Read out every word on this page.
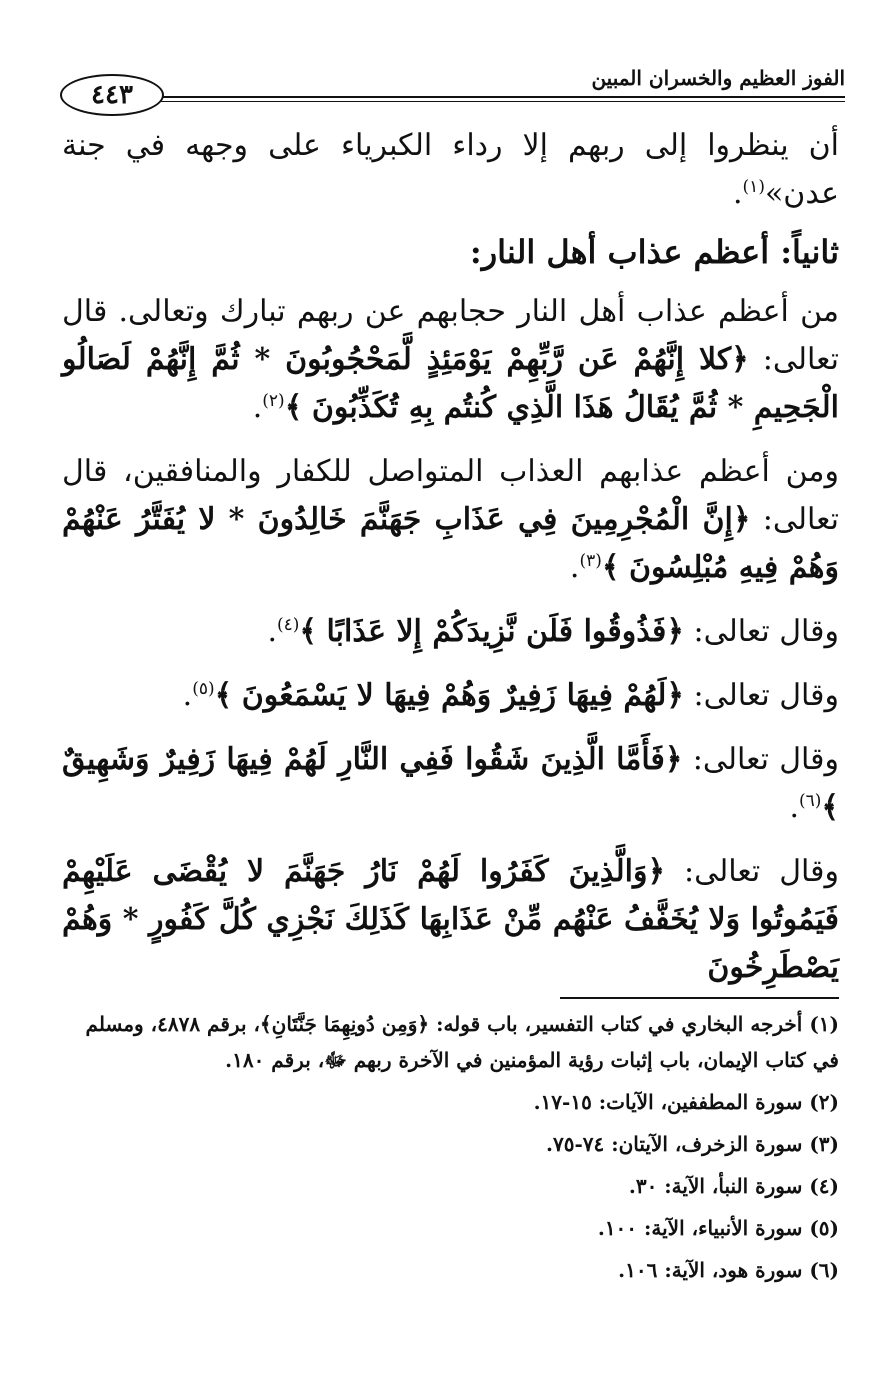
الفوز العظيم والخسران المبين
٤٤٣

أن ينظروا إلى ربهم إلا رداء الكبرياء على وجهه في جنة عدن»$^{(١)}$.

ثانياً: أعظم عذاب أهل النار:

من أعظم عذاب أهل النار حجابهم عن ربهم تبارك وتعالى. قال تعالى: ﴿كلا إِنَّهُمْ عَن رَّبِّهِمْ يَوْمَئِذٍ لَّمَحْجُوبُونَ * ثُمَّ إِنَّهُمْ لَصَالُو الْجَحِيمِ * ثُمَّ يُقَالُ هَذَا الَّذِي كُنتُم بِهِ تُكَذِّبُونَ ﴾$^{(٢)}$.

ومن أعظم عذابهم العذاب المتواصل للكفار والمنافقين، قال تعالى: ﴿إِنَّ الْمُجْرِمِينَ فِي عَذَابِ جَهَنَّمَ خَالِدُونَ * لا يُفَتَّرُ عَنْهُمْ وَهُمْ فِيهِ مُبْلِسُونَ ﴾$^{(٣)}$.

وقال تعالى: ﴿فَذُوقُوا فَلَن نَّزِيدَكُمْ إِلا عَذَابًا ﴾$^{(٤)}$.

وقال تعالى: ﴿لَهُمْ فِيهَا زَفِيرٌ وَهُمْ فِيهَا لا يَسْمَعُونَ ﴾$^{(٥)}$.

وقال تعالى: ﴿فَأَمَّا الَّذِينَ شَقُوا فَفِي النَّارِ لَهُمْ فِيهَا زَفِيرٌ وَشَهِيقٌ ﴾$^{(٦)}$.

وقال تعالى: ﴿وَالَّذِينَ كَفَرُوا لَهُمْ نَارُ جَهَنَّمَ لا يُقْضَى عَلَيْهِمْ فَيَمُوتُوا وَلا يُخَفَّفُ عَنْهُم مِّنْ عَذَابِهَا كَذَلِكَ نَجْزِي كُلَّ كَفُورٍ * وَهُمْ يَصْطَرِخُونَ

(١) أخرجه البخاري في كتاب التفسير، باب قوله: ﴿وَمِن دُونِهِمَا جَنَّتَانِ﴾، برقم ٤٨٧٨، ومسلم في كتاب الإيمان، باب إثبات رؤية المؤمنين في الآخرة ربهم ﷻ، برقم ١٨٠.

(٢) سورة المطففين، الآيات: ١٥-١٧.

(٣) سورة الزخرف، الآيتان: ٧٤-٧٥.

(٤) سورة النبأ، الآية: ٣٠.

(٥) سورة الأنبياء، الآية: ١٠٠.

(٦) سورة هود، الآية: ١٠٦.
